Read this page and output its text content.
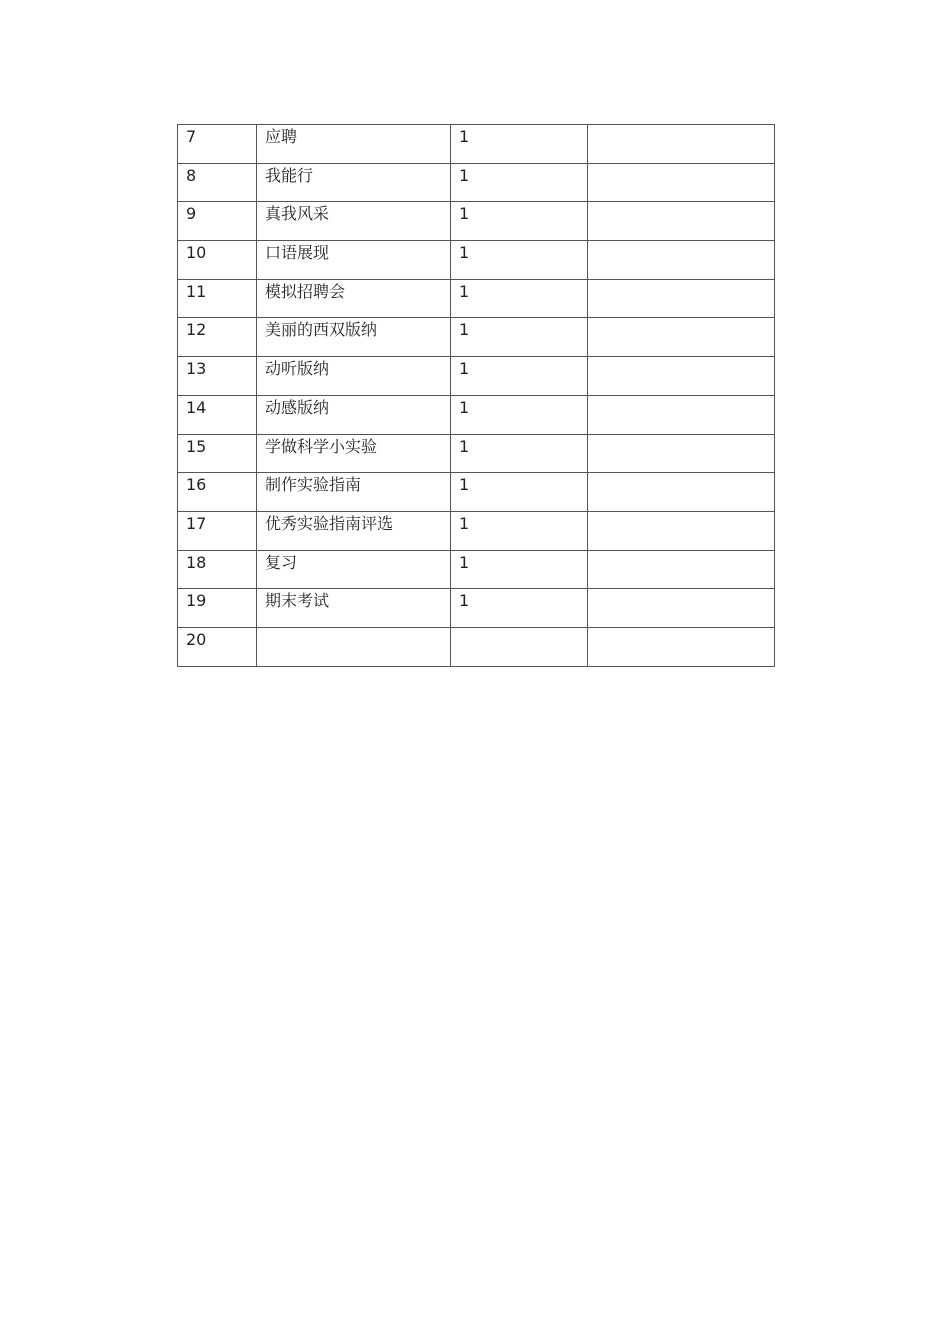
7	应聘	1	
8	我能行	1	
9	真我风采	1	
10	口语展现	1	
11	模拟招聘会	1	
12	美丽的西双版纳	1	
13	动听版纳	1	
14	动感版纳	1	
15	学做科学小实验	1	
16	制作实验指南	1	
17	优秀实验指南评选	1	
18	复习	1	
19	期末考试	1	
20			
